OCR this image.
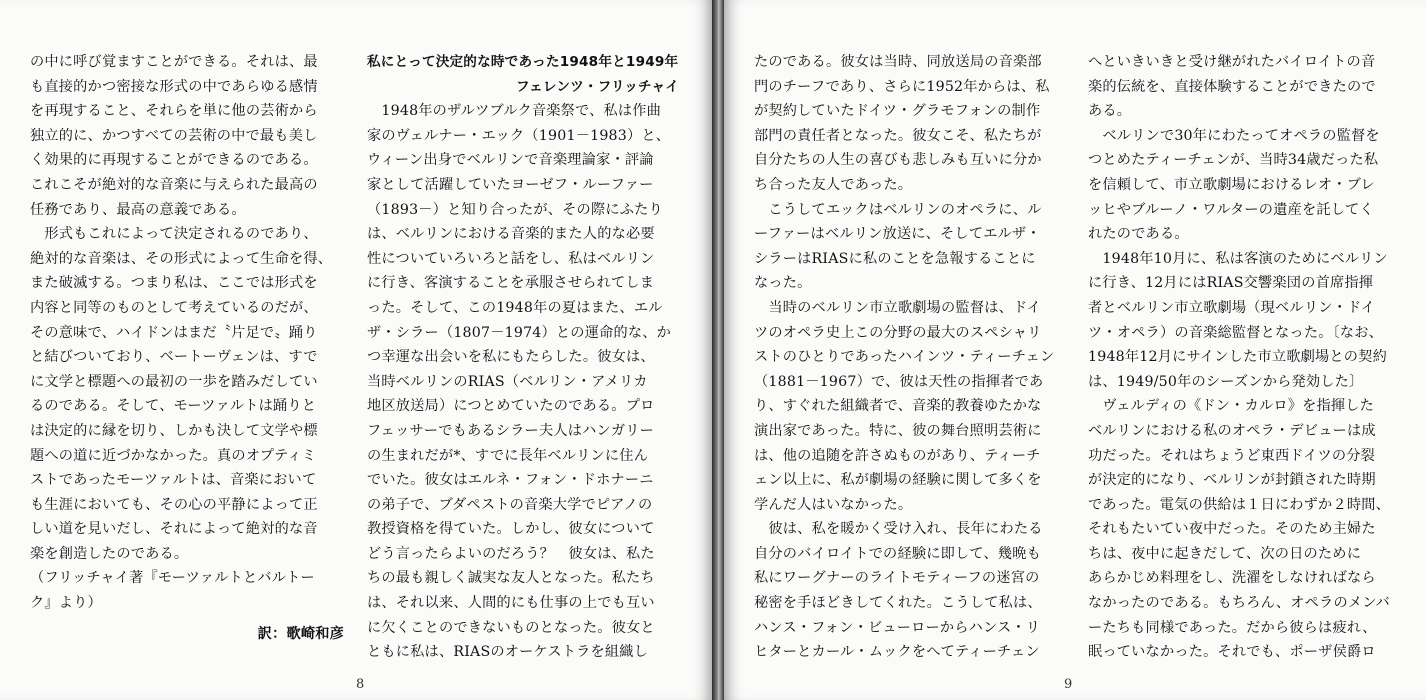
の中に呼び覚ますことができる。それは、最
も直接的かつ密接な形式の中であらゆる感情
を再現すること、それらを単に他の芸術から
独立的に、かつすべての芸術の中で最も美し
く効果的に再現することができるのである。
これこそが絶対的な音楽に与えられた最高の
任務であり、最高の意義である。
　形式もこれによって決定されるのであり、
絶対的な音楽は、その形式によって生命を得、
また破滅する。つまり私は、ここでは形式を
内容と同等のものとして考えているのだが、
その意味で、ハイドンはまだ〝片足で〟踊り
と結びついており、ベートーヴェンは、すで
に文学と標題への最初の一歩を踏みだしてい
るのである。そして、モーツァルトは踊りと
は決定的に縁を切り、しかも決して文学や標
題への道に近づかなかった。真のオプティミ
ストであったモーツァルトは、音楽において
も生涯においても、その心の平静によって正
しい道を見いだし、それによって絶対的な音
楽を創造したのである。
（フリッチャイ著『モーツァルトとバルトー
ク』より）

訳：歌崎和彦

私にとって決定的な時であった1948年と1949年

フェレンツ・フリッチャイ

　1948年のザルツブルク音楽祭で、私は作曲
家のヴェルナー・エック（1901－1983）と、
ウィーン出身でベルリンで音楽理論家・評論
家として活躍していたヨーゼフ・ルーファー
（1893－）と知り合ったが、その際にふたり
は、ベルリンにおける音楽的また人的な必要
性についていろいろと話をし、私はベルリン
に行き、客演することを承服させられてしま
った。そして、この1948年の夏はまた、エル
ザ・シラー（1807－1974）との運命的な、か
つ幸運な出会いを私にもたらした。彼女は、
当時ベルリンのRIAS（ベルリン・アメリカ
地区放送局）につとめていたのである。プロ
フェッサーでもあるシラー夫人はハンガリー
の生まれだが*、すでに長年ベルリンに住ん
でいた。彼女はエルネ・フォン・ドホナーニ
の弟子で、ブダペストの音楽大学でピアノの
教授資格を得ていた。しかし、彼女について
どう言ったらよいのだろう？　彼女は、私た
ちの最も親しく誠実な友人となった。私たち
は、それ以来、人間的にも仕事の上でも互い
に欠くことのできないものとなった。彼女と
ともに私は、RIASのオーケストラを組織し

8

たのである。彼女は当時、同放送局の音楽部
門のチーフであり、さらに1952年からは、私
が契約していたドイツ・グラモフォンの制作
部門の責任者となった。彼女こそ、私たちが
自分たちの人生の喜びも悲しみも互いに分か
ち合った友人であった。
　こうしてエックはベルリンのオペラに、ル
ーファーはベルリン放送に、そしてエルザ・
シラーはRIASに私のことを急報することに
なった。
　当時のベルリン市立歌劇場の監督は、ドイ
ツのオペラ史上この分野の最大のスペシャリ
ストのひとりであったハインツ・ティーチェン
（1881－1967）で、彼は天性の指揮者であ
り、すぐれた組織者で、音楽的教養ゆたかな
演出家であった。特に、彼の舞台照明芸術に
は、他の追随を許さぬものがあり、ティーチ
ェン以上に、私が劇場の経験に関して多くを
学んだ人はいなかった。
　彼は、私を暖かく受け入れ、長年にわたる
自分のバイロイトでの経験に即して、幾晩も
私にワーグナーのライトモティーフの迷宮の
秘密を手ほどきしてくれた。こうして私は、
ハンス・フォン・ビューローからハンス・リ
ヒターとカール・ムックをへてティーチェン

へといきいきと受け継がれたバイロイトの音
楽的伝統を、直接体験することができたので
ある。
　ベルリンで30年にわたってオペラの監督を
つとめたティーチェンが、当時34歳だった私
を信頼して、市立歌劇場におけるレオ・ブレ
ッヒやブルーノ・ワルターの遺産を託してく
れたのである。
　1948年10月に、私は客演のためにベルリン
に行き、12月にはRIAS交響楽団の首席指揮
者とベルリン市立歌劇場（現ベルリン・ドイ
ツ・オペラ）の音楽総監督となった。〔なお、
1948年12月にサインした市立歌劇場との契約
は、1949/50年のシーズンから発効した〕
　ヴェルディの《ドン・カルロ》を指揮した
ベルリンにおける私のオペラ・デビューは成
功だった。それはちょうど東西ドイツの分裂
が決定的になり、ベルリンが封鎖された時期
であった。電気の供給は１日にわずか２時間、
それもたいてい夜中だった。そのため主婦た
ちは、夜中に起きだして、次の日のために
あらかじめ料理をし、洗濯をしなければなら
なかったのである。もちろん、オペラのメンバ
ーたちも同様であった。だから彼らは疲れ、
眠っていなかった。それでも、ポーザ侯爵ロ

9
